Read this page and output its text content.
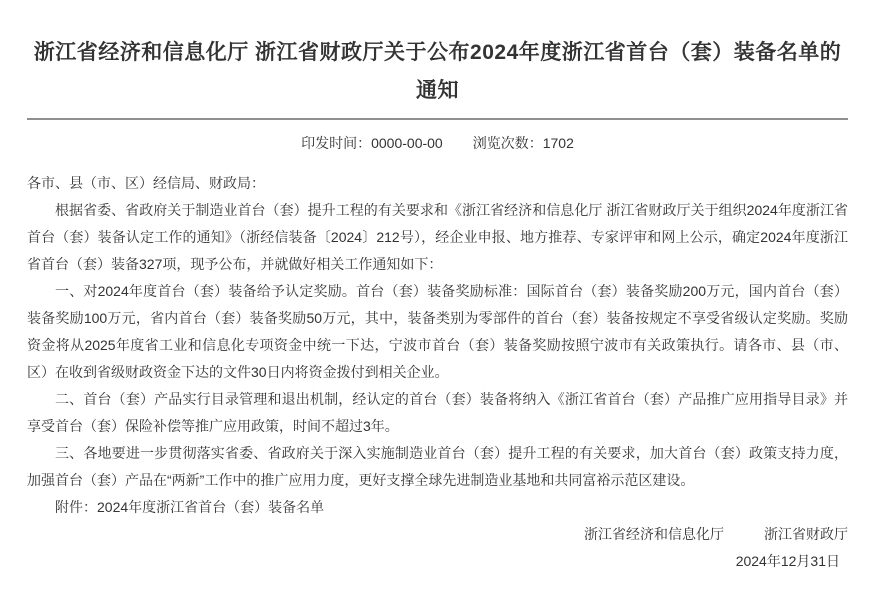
浙江省经济和信息化厅 浙江省财政厅关于公布2024年度浙江省首台（套）装备名单的通知
印发时间：0000-00-00 浏览次数：1702

各市、县（市、区）经信局、财政局：

根据省委、省政府关于制造业首台（套）提升工程的有关要求和《浙江省经济和信息化厅 浙江省财政厅关于组织2024年度浙江省首台（套）装备认定工作的通知》（浙经信装备〔2024〕212号），经企业申报、地方推荐、专家评审和网上公示，确定2024年度浙江省首台（套）装备327项，现予公布，并就做好相关工作通知如下：

一、对2024年度首台（套）装备给予认定奖励。首台（套）装备奖励标准：国际首台（套）装备奖励200万元，国内首台（套）装备奖励100万元，省内首台（套）装备奖励50万元，其中，装备类别为零部件的首台（套）装备按规定不享受省级认定奖励。奖励资金将从2025年度省工业和信息化专项资金中统一下达，宁波市首台（套）装备奖励按照宁波市有关政策执行。请各市、县（市、区）在收到省级财政资金下达的文件30日内将资金拨付到相关企业。

二、首台（套）产品实行目录管理和退出机制，经认定的首台（套）装备将纳入《浙江省首台（套）产品推广应用指导目录》并享受首台（套）保险补偿等推广应用政策，时间不超过3年。

三、各地要进一步贯彻落实省委、省政府关于深入实施制造业首台（套）提升工程的有关要求，加大首台（套）政策支持力度，加强首台（套）产品在“两新”工作中的推广应用力度，更好支撑全球先进制造业基地和共同富裕示范区建设。

附件：2024年度浙江省首台（套）装备名单

浙江省经济和信息化厅	浙江省财政厅

2024年12月31日
